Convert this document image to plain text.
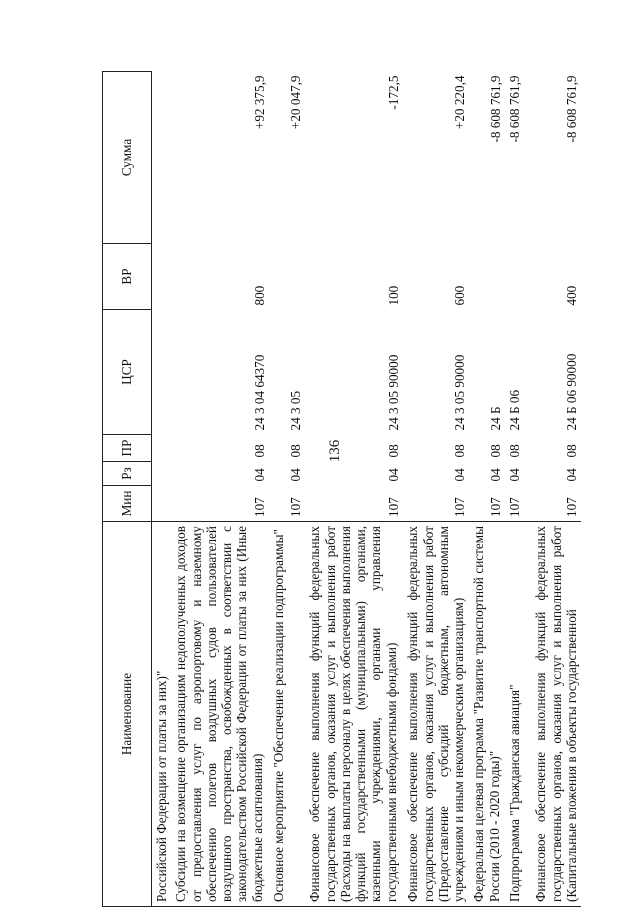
136
Наименование	Мин	Рз	ПР	ЦСР	ВР	Сумма
Российской Федерации от платы за них)"						
Субсидии на возмещение организациям недополученных доходов от предоставления услуг по аэропортовому и наземному обеспечению полетов воздушных судов пользователей воздушного пространства, освобожденных в соответствии с законодательством Российской Федерации от платы за них (Иные бюджетные ассигнования)	107	04	08	24 3 04 64370	800	+92 375,9
Основное мероприятие "Обеспечение реализации подпрограммы"	107	04	08	24 3 05		+20 047,9
Финансовое обеспечение выполнения функций федеральных государственных органов, оказания услуг и выполнения работ (Расходы на выплаты персоналу в целях обеспечения выполнения функций государственными (муниципальными) органами, казенными учреждениями, органами управления государственными внебюджетными фондами)	107	04	08	24 3 05 90000	100	-172,5
Финансовое обеспечение выполнения функций федеральных государственных органов, оказания услуг и выполнения работ (Предоставление субсидий бюджетным, автономным учреждениям и иным некоммерческим организациям)	107	04	08	24 3 05 90000	600	+20 220,4
Федеральная целевая программа "Развитие транспортной системы России (2010 - 2020 годы)"	107	04	08	24 Б		-8 608 761,9
Подпрограмма "Гражданская авиация"	107	04	08	24 Б 06		-8 608 761,9
Финансовое обеспечение выполнения функций федеральных государственных органов, оказания услуг и выполнения работ (Капитальные вложения в объекты государственной	107	04	08	24 Б 06 90000	400	-8 608 761,9
